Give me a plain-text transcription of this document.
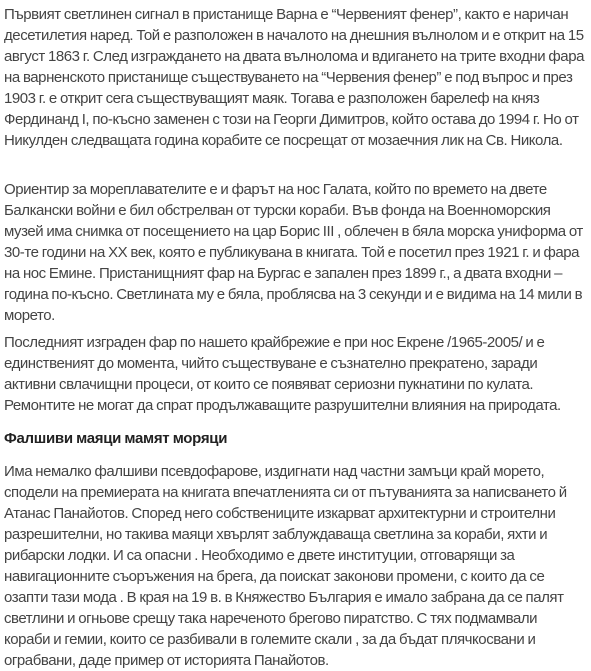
Първият светлинен сигнал в пристанище Варна е “Червеният фенер”, както е наричан десетилетия наред. Той е разположен в началото на днешния вълнолом и е открит на 15 август 1863 г. След изграждането на двата вълнолома и вдигането на трите входни фара на варненското пристанище съществуването на “Червения фенер” е под въпрос и през 1903 г. е открит сега съществуващият маяк. Тогава е разположен барелеф на княз Фердинанд I, по-късно заменен с този на Георги Димитров, който остава до 1994 г. Но от Никулден следващата година корабите се посрещат от мозаечния лик на Св. Никола.

Ориентир за мореплавателите е и фарът на нос Галата, който по времето на двете Балкански войни е бил обстрелван от турски кораби. Във фонда на Военноморския музей има снимка от посещението на цар Борис III , облечен в бяла морска униформа от 30-те години на XX век, която е публикувана в книгата. Той е посетил през 1921 г. и фара на нос Емине. Пристанищният фар на Бургас е запален през 1899 г., а двата входни – година по-късно. Светлината му е бяла, проблясва на 3 секунди и е видима на 14 мили в морето.

Последният изграден фар по нашето крайбрежие е при нос Екрене /1965-2005/ и е единственият до момента, чийто съществуване е съзнателно прекратено, заради активни свлачищни процеси, от които се появяват сериозни пукнатини по кулата. Ремонтите не могат да спрат продължаващите разрушителни влияния на природата.

Фалшиви маяци мамят моряци

Има немалко фалшиви псевдофарове, издигнати над частни замъци край морето, сподели на премиерата на книгата впечатленията си от пътуванията за написването й Атанас Панайотов. Според него собствениците изкарват архитектурни и строителни разрешителни, но такива маяци хвърлят заблуждаваща светлина за кораби, яхти и рибарски лодки. И са опасни . Необходимо е двете институции, отговарящи за навигационните съоръжения на брега, да поискат законови промени, с които да се озапти тази мода . В края на 19 в. в Княжество България е имало забрана да се палят светлини и огньове срещу така нареченото брегово пиратство. С тях подмамвали кораби и гемии, които се разбивали в големите скали , за да бъдат плячкосвани и ограбвани, даде пример от историята Панайотов.
